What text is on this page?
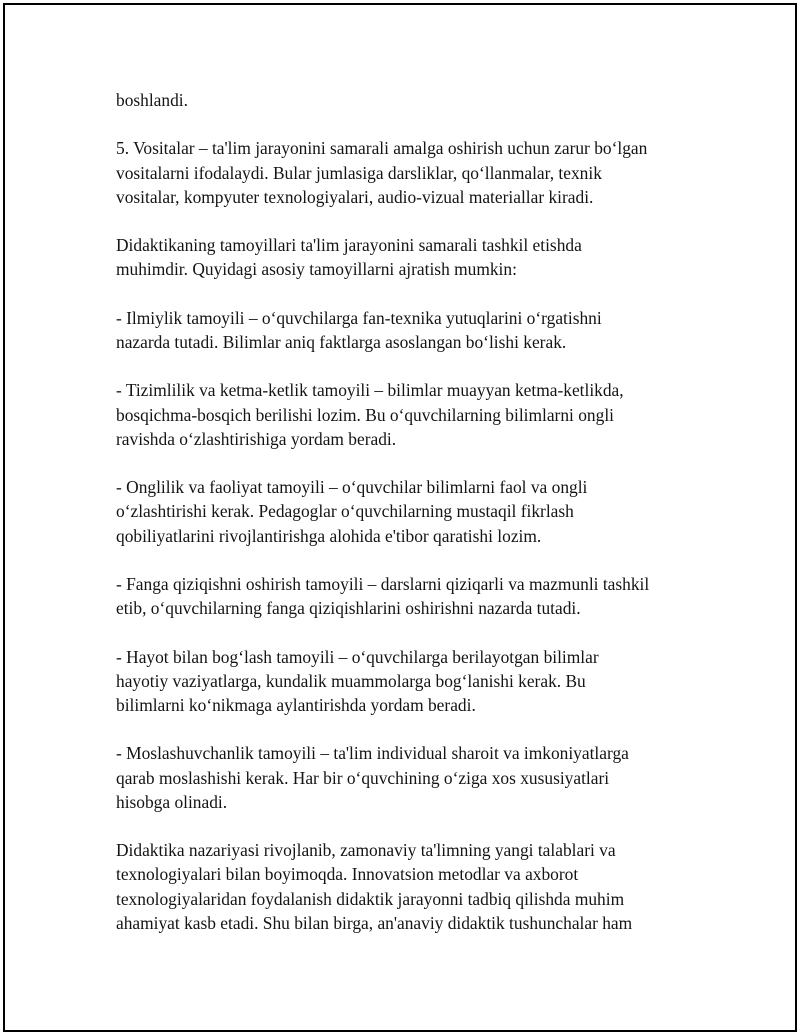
boshlandi.

5. Vositalar – ta'lim jarayonini samarali amalga oshirish uchun zarur bo‘lgan
vositalarni ifodalaydi. Bular jumlasiga darsliklar, qo‘llanmalar, texnik
vositalar, kompyuter texnologiyalari, audio-vizual materiallar kiradi.

Didaktikaning tamoyillari ta'lim jarayonini samarali tashkil etishda
muhimdir. Quyidagi asosiy tamoyillarni ajratish mumkin:

- Ilmiylik tamoyili – o‘quvchilarga fan-texnika yutuqlarini o‘rgatishni
nazarda tutadi. Bilimlar aniq faktlarga asoslangan bo‘lishi kerak.

- Tizimlilik va ketma-ketlik tamoyili – bilimlar muayyan ketma-ketlikda,
bosqichma-bosqich berilishi lozim. Bu o‘quvchilarning bilimlarni ongli
ravishda o‘zlashtirishiga yordam beradi.

- Onglilik va faoliyat tamoyili – o‘quvchilar bilimlarni faol va ongli
o‘zlashtirishi kerak. Pedagoglar o‘quvchilarning mustaqil fikrlash
qobiliyatlarini rivojlantirishga alohida e'tibor qaratishi lozim.

- Fanga qiziqishni oshirish tamoyili – darslarni qiziqarli va mazmunli tashkil
etib, o‘quvchilarning fanga qiziqishlarini oshirishni nazarda tutadi.

- Hayot bilan bog‘lash tamoyili – o‘quvchilarga berilayotgan bilimlar
hayotiy vaziyatlarga, kundalik muammolarga bog‘lanishi kerak. Bu
bilimlarni ko‘nikmaga aylantirishda yordam beradi.

- Moslashuvchanlik tamoyili – ta'lim individual sharoit va imkoniyatlarga
qarab moslashishi kerak. Har bir o‘quvchining o‘ziga xos xususiyatlari
hisobga olinadi.

Didaktika nazariyasi rivojlanib, zamonaviy ta'limning yangi talablari va
texnologiyalari bilan boyimoqda. Innovatsion metodlar va axborot
texnologiyalaridan foydalanish didaktik jarayonni tadbiq qilishda muhim
ahamiyat kasb etadi. Shu bilan birga, an'anaviy didaktik tushunchalar ham
